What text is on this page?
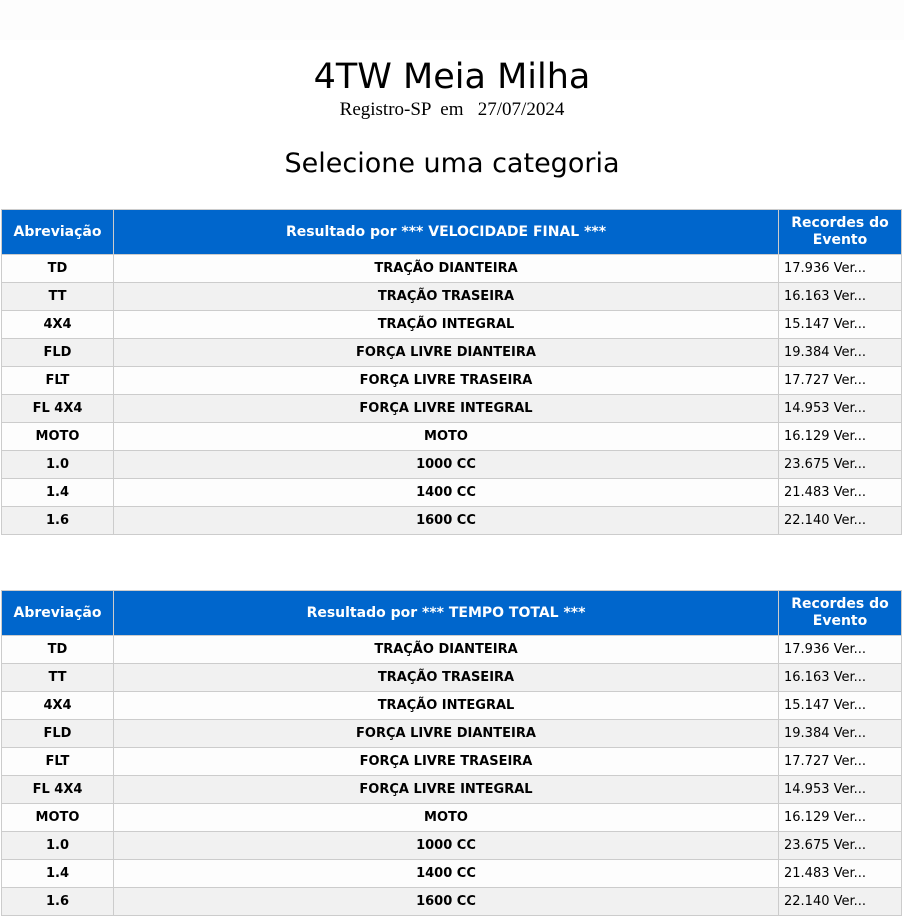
4TW Meia Milha
Registro-SP  em   27/07/2024
Selecione uma categoria
Abreviação	Resultado por *** VELOCIDADE FINAL ***	Recordes do Evento
TD	TRAÇÃO DIANTEIRA	17.936 Ver...
TT	TRAÇÃO TRASEIRA	16.163 Ver...
4X4	TRAÇÃO INTEGRAL	15.147 Ver...
FLD	FORÇA LIVRE DIANTEIRA	19.384 Ver...
FLT	FORÇA LIVRE TRASEIRA	17.727 Ver...
FL 4X4	FORÇA LIVRE INTEGRAL	14.953 Ver...
MOTO	MOTO	16.129 Ver...
1.0	1000 CC	23.675 Ver...
1.4	1400 CC	21.483 Ver...
1.6	1600 CC	22.140 Ver...
Abreviação	Resultado por *** TEMPO TOTAL ***	Recordes do Evento
TD	TRAÇÃO DIANTEIRA	17.936 Ver...
TT	TRAÇÃO TRASEIRA	16.163 Ver...
4X4	TRAÇÃO INTEGRAL	15.147 Ver...
FLD	FORÇA LIVRE DIANTEIRA	19.384 Ver...
FLT	FORÇA LIVRE TRASEIRA	17.727 Ver...
FL 4X4	FORÇA LIVRE INTEGRAL	14.953 Ver...
MOTO	MOTO	16.129 Ver...
1.0	1000 CC	23.675 Ver...
1.4	1400 CC	21.483 Ver...
1.6	1600 CC	22.140 Ver...
